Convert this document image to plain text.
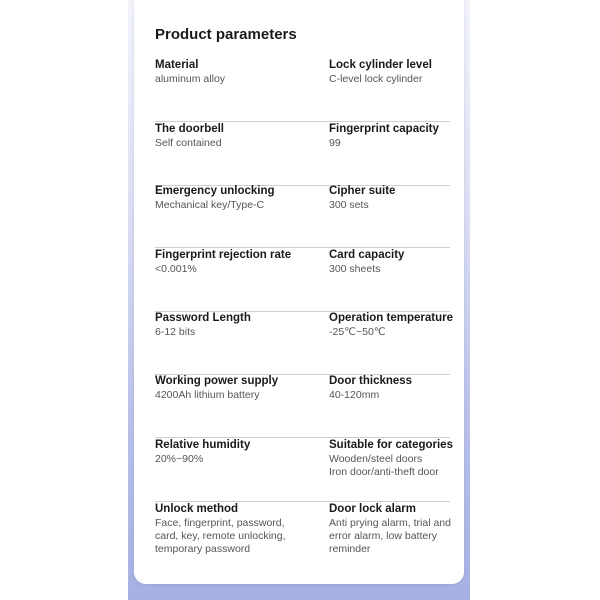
Product parameters
Material
aluminum alloy
Lock cylinder level
C-level lock cylinder
The doorbell
Self contained
Fingerprint capacity
99
Emergency unlocking
Mechanical key/Type-C
Cipher suite
300 sets
Fingerprint rejection rate
<0.001%
Card capacity
300 sheets
Password Length
6-12 bits
Operation temperature
-25℃~50℃
Working power supply
4200Ah lithium battery
Door thickness
40-120mm
Relative humidity
20%~90%
Suitable for categories
Wooden/steel doors
Iron door/anti-theft door
Unlock method
Face, fingerprint, password,
card, key, remote unlocking,
temporary password
Door lock alarm
Anti prying alarm, trial and
error alarm, low battery
reminder
